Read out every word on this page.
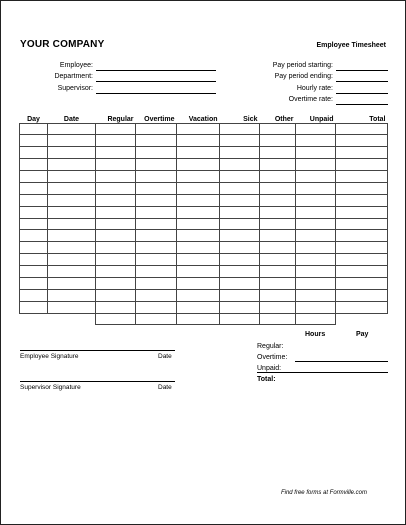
YOUR COMPANY	Employee Timesheet
Employee:
Department:
Supervisor:
Pay period starting:
Pay period ending:
Hourly rate:
Overtime rate:
Day	Date	Regular	Overtime	Vacation	Sick	Other	Unpaid	Total

Hours	Pay
Regular:
Overtime:
Unpaid:
Total:
Employee Signature	Date
Supervisor Signature	Date
Find free forms at Formville.com
